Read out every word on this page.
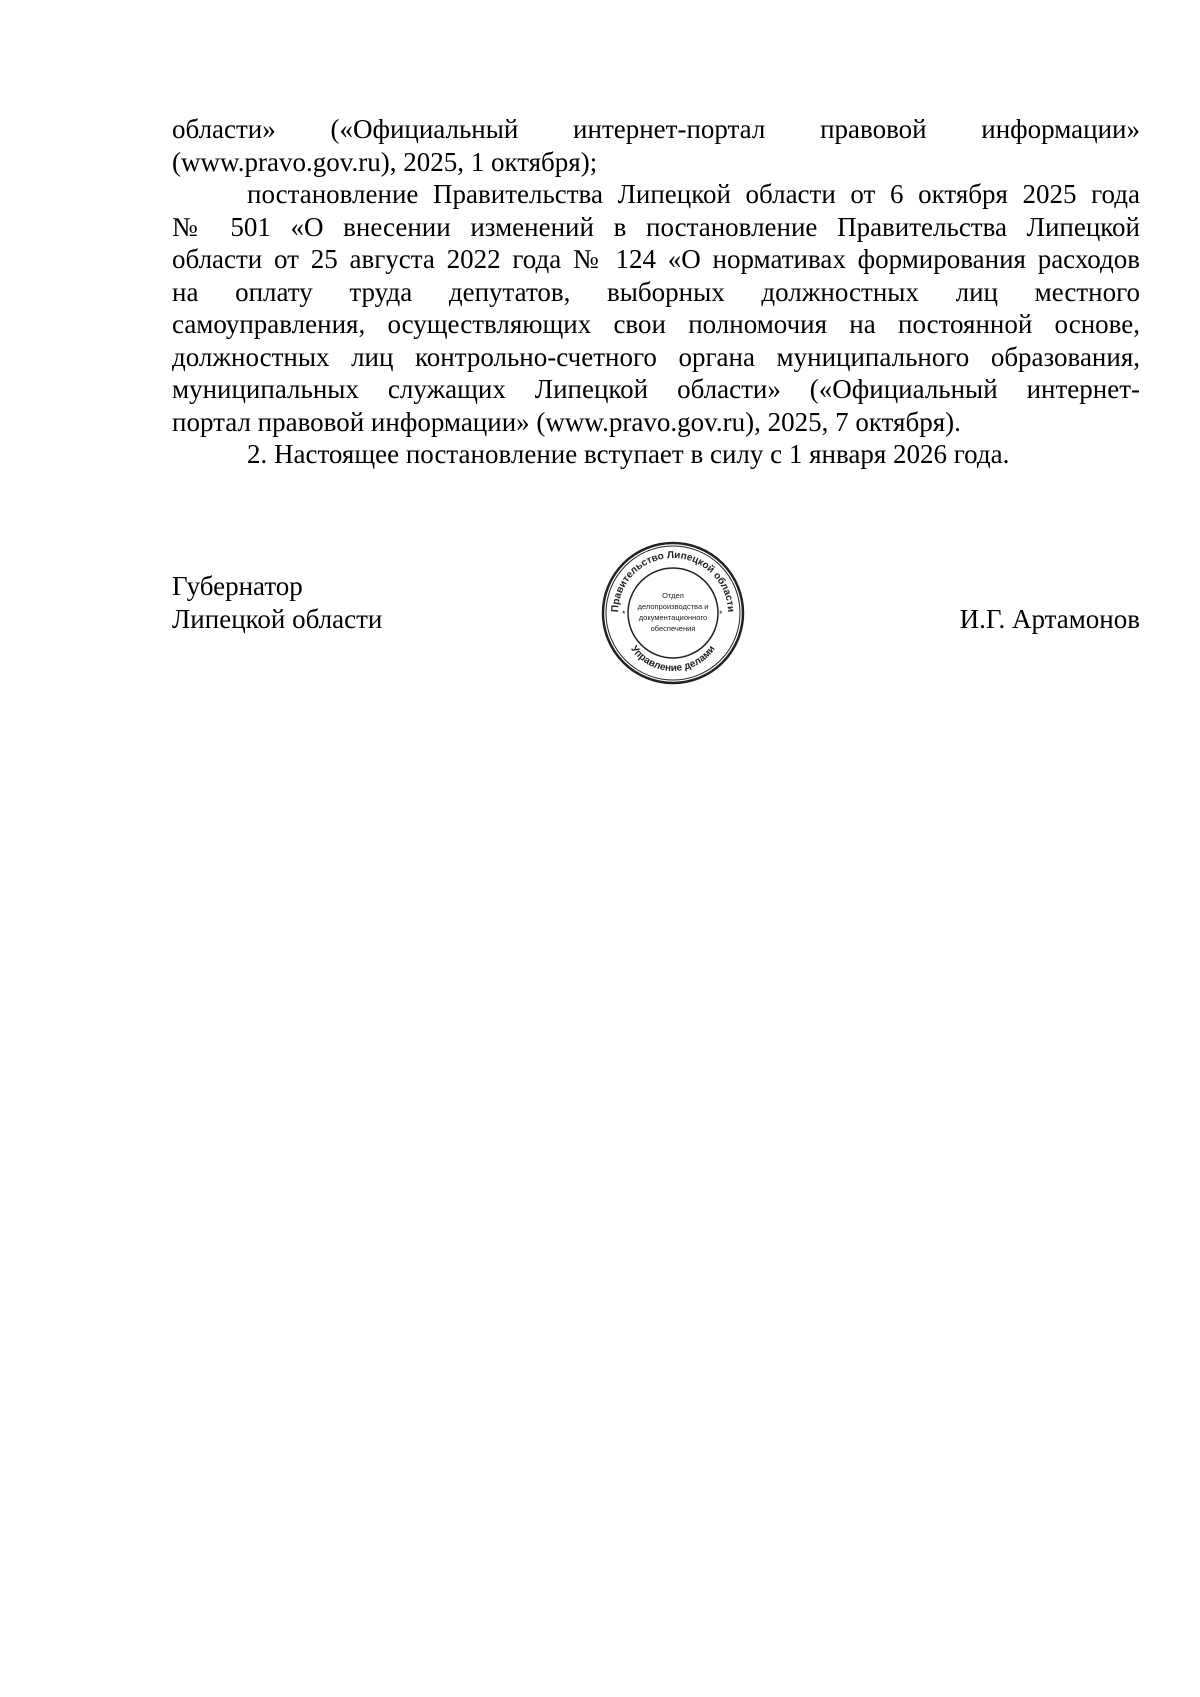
области» («Официальный интернет-портал правовой информации»

(www.pravo.gov.ru), 2025, 1 октября);

постановление Правительства Липецкой области от 6 октября 2025 года

№ 501 «О внесении изменений в постановление Правительства Липецкой

области от 25 августа 2022 года № 124 «О нормативах формирования расходов

на оплату труда депутатов, выборных должностных лиц местного

самоуправления, осуществляющих свои полномочия на постоянной основе,

должностных лиц контрольно-счетного органа муниципального образования,

муниципальных служащих Липецкой области» («Официальный интернет-

портал правовой информации» (www.pravo.gov.ru), 2025, 7 октября).

2. Настоящее постановление вступает в силу с 1 января 2026 года.

Губернатор
Липецкой области	И.Г. Артамонов
Правительство Липецкой области
Управление делами
*	*
Отдел
делопроизводства и
документационного
обеспечения
